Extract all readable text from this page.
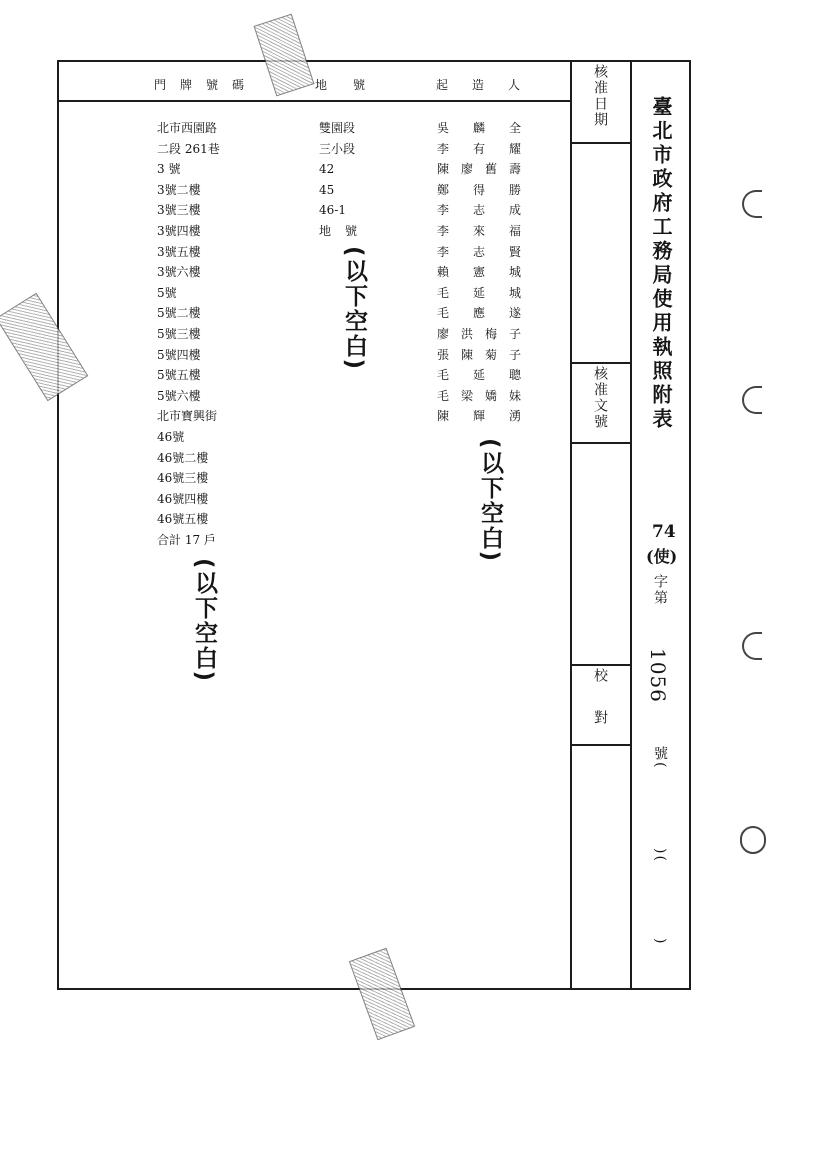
門牌號碼	地號	起造人
北市西園路
二段 261巷
3 號
3號二樓
3號三樓
3號四樓
3號五樓
3號六樓
5號
5號二樓
5號三樓
5號四樓
5號五樓
5號六樓
北市寶興街
46號
46號二樓
46號三樓
46號四樓
46號五樓
合計 17 戶
雙園段
三小段
42
45
46-1
地號
吳麟全
李有耀
陳廖舊壽
鄭得勝
李志成
李來福
李志賢
賴憲城
毛延城
毛應遂
廖洪梅子
張陳菊子
毛延聰
毛梁嬌妹
陳輝湧
(以下空白)
(以下空白)
(以下空白)
核准日期
核准文號
校對
臺北市政府工務局使用執照附表
74
(使)
字第
1056
號(
)(
)
